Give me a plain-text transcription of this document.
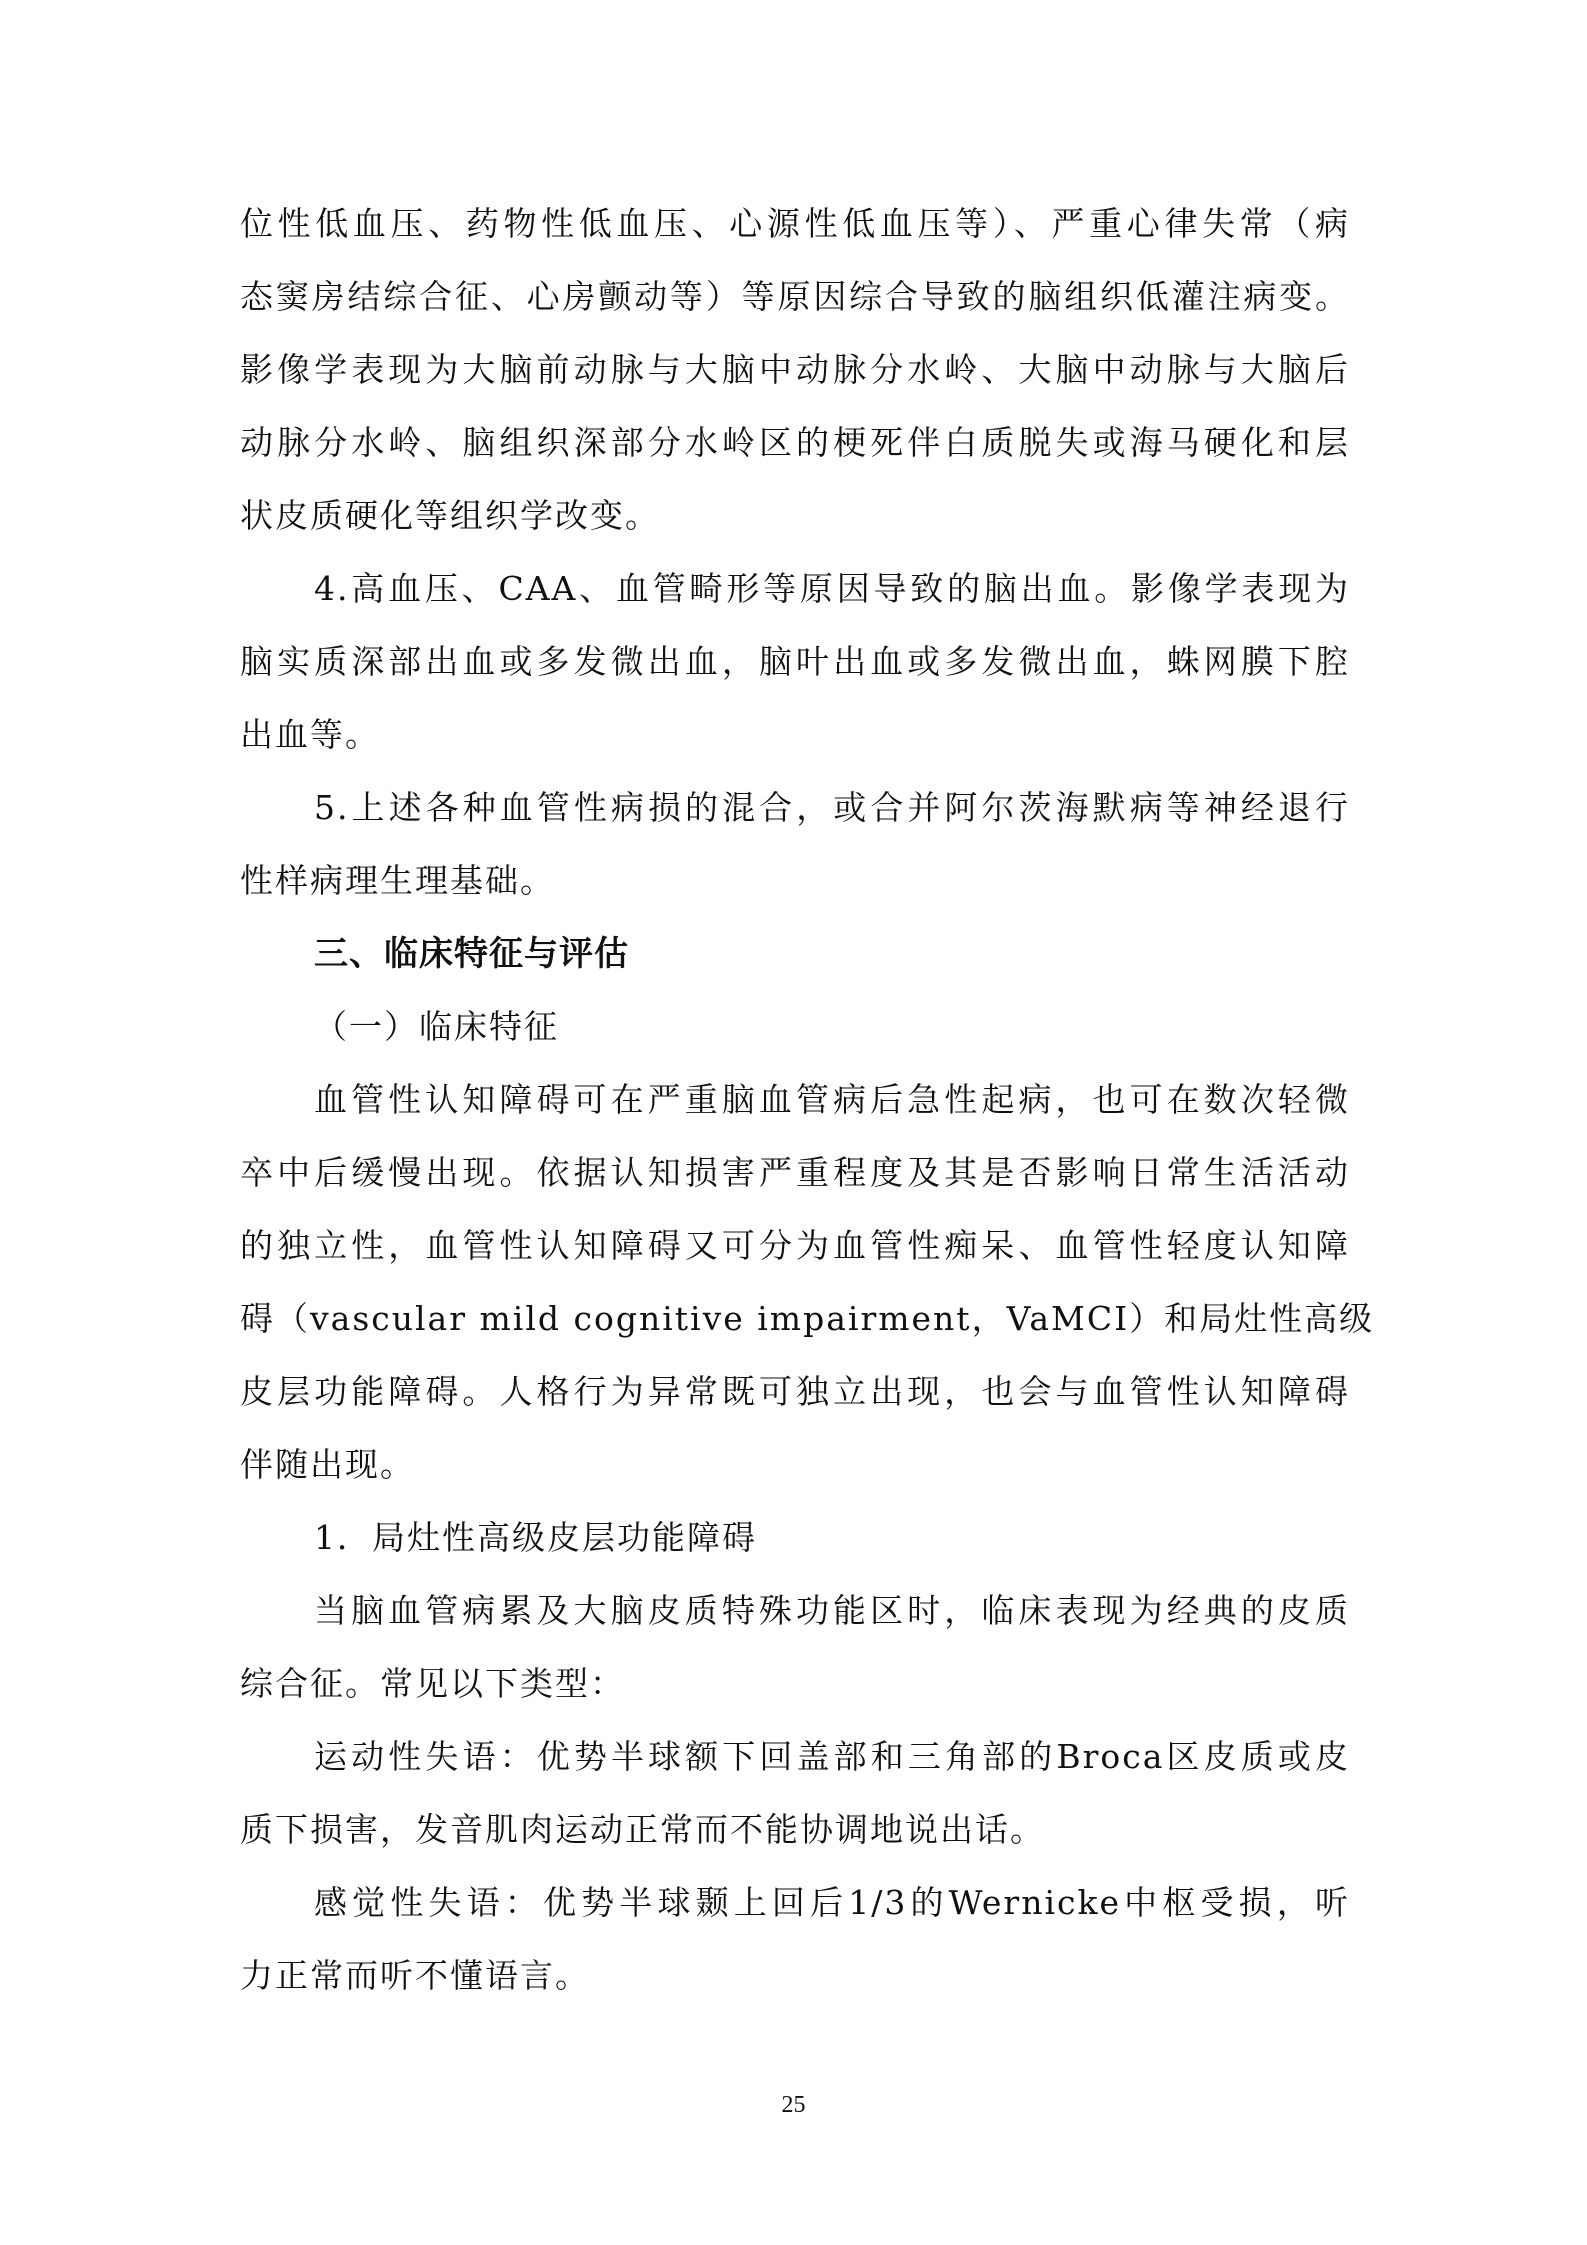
位性低血压、药物性低血压、心源性低血压等）、严重心律失常（病
态窦房结综合征、心房颤动等）等原因综合导致的脑组织低灌注病变。
影像学表现为大脑前动脉与大脑中动脉分水岭、大脑中动脉与大脑后
动脉分水岭、脑组织深部分水岭区的梗死伴白质脱失或海马硬化和层
状皮质硬化等组织学改变。
4.高血压、CAA、血管畸形等原因导致的脑出血。影像学表现为
脑实质深部出血或多发微出血，脑叶出血或多发微出血，蛛网膜下腔
出血等。
5.上述各种血管性病损的混合，或合并阿尔茨海默病等神经退行
性样病理生理基础。
三、临床特征与评估
（一）临床特征
血管性认知障碍可在严重脑血管病后急性起病，也可在数次轻微
卒中后缓慢出现。依据认知损害严重程度及其是否影响日常生活活动
的独立性，血管性认知障碍又可分为血管性痴呆、血管性轻度认知障
碍（vascular mild cognitive impairment，VaMCI）和局灶性高级
皮层功能障碍。人格行为异常既可独立出现，也会与血管性认知障碍
伴随出现。
1．局灶性高级皮层功能障碍
当脑血管病累及大脑皮质特殊功能区时，临床表现为经典的皮质
综合征。常见以下类型：
运动性失语：优势半球额下回盖部和三角部的Broca区皮质或皮
质下损害，发音肌肉运动正常而不能协调地说出话。
感觉性失语：优势半球颞上回后1/3的Wernicke中枢受损，听
力正常而听不懂语言。
25
